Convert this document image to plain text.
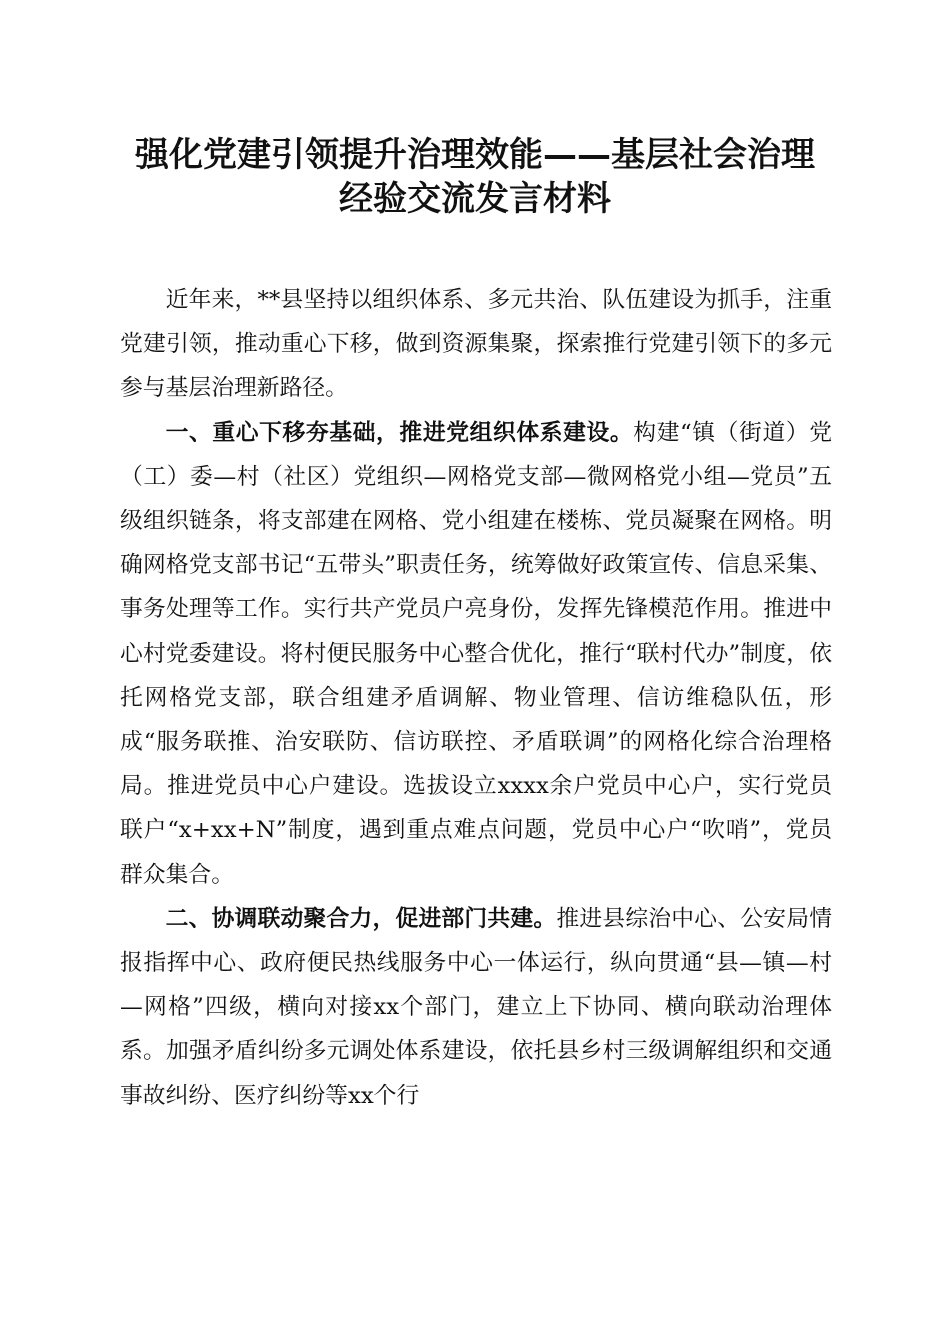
强化党建引领提升治理效能——基层社会治理
经验交流发言材料

近年来，**县坚持以组织体系、多元共治、队伍建设为抓手，注重党建引领，推动重心下移，做到资源集聚，探索推行党建引领下的多元参与基层治理新路径。

一、重心下移夯基础，推进党组织体系建设。构建“镇（街道）党（工）委—村（社区）党组织—网格党支部—微网格党小组—党员”五级组织链条，将支部建在网格、党小组建在楼栋、党员凝聚在网格。明确网格党支部书记“五带头”职责任务，统筹做好政策宣传、信息采集、事务处理等工作。实行共产党员户亮身份，发挥先锋模范作用。推进中心村党委建设。将村便民服务中心整合优化，推行“联村代办”制度，依托网格党支部，联合组建矛盾调解、物业管理、信访维稳队伍，形成“服务联推、治安联防、信访联控、矛盾联调”的网格化综合治理格局。推进党员中心户建设。选拔设立xxxx余户党员中心户，实行党员联户“x+xx+N”制度，遇到重点难点问题，党员中心户“吹哨”，党员群众集合。

二、协调联动聚合力，促进部门共建。推进县综治中心、公安局情报指挥中心、政府便民热线服务中心一体运行，纵向贯通“县—镇—村—网格”四级，横向对接xx个部门，建立上下协同、横向联动治理体系。加强矛盾纠纷多元调处体系建设，依托县乡村三级调解组织和交通事故纠纷、医疗纠纷等xx个行
